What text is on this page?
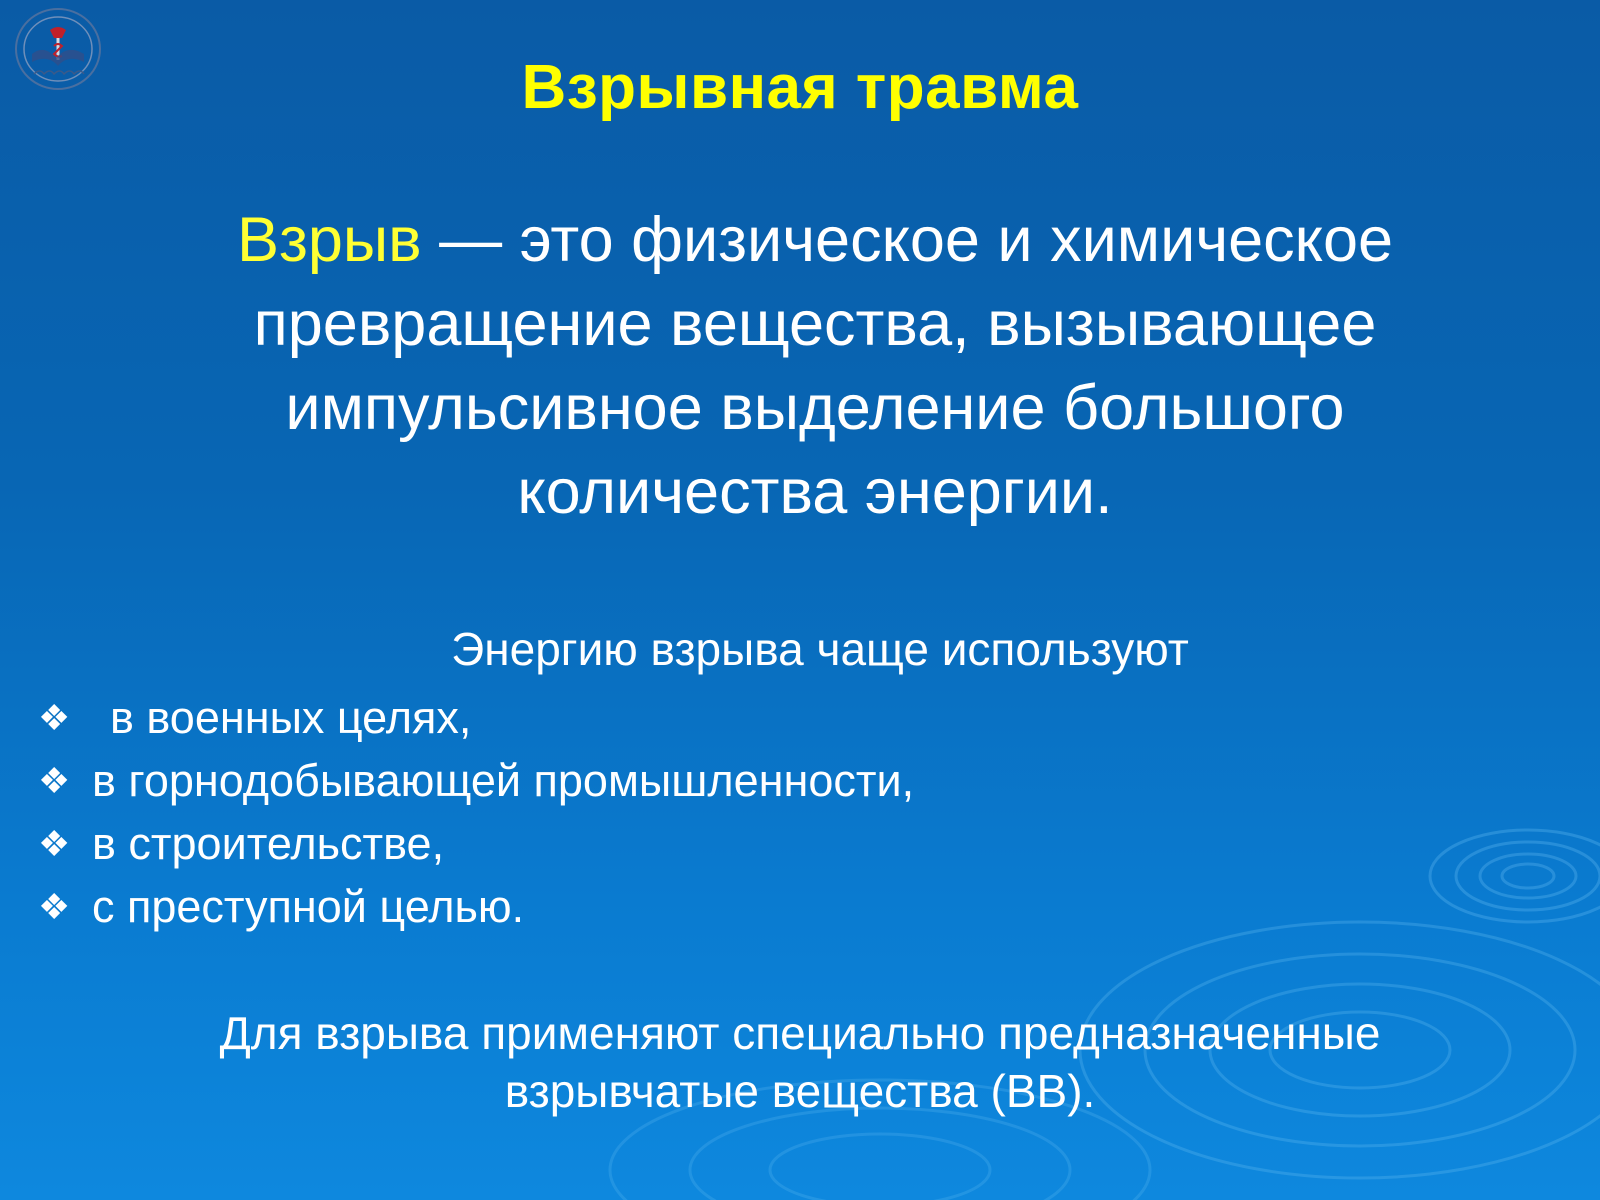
Взрывная травма
Взрыв — это физическое и химическое превращение вещества, вызывающее импульсивное выделение большого количества энергии.
Энергию взрыва чаще используют
❖ в военных целях,
❖ в горнодобывающей промышленности,
❖ в строительстве,
❖ с преступной целью.
Для взрыва применяют специально предназначенные
взрывчатые вещества (ВВ).
